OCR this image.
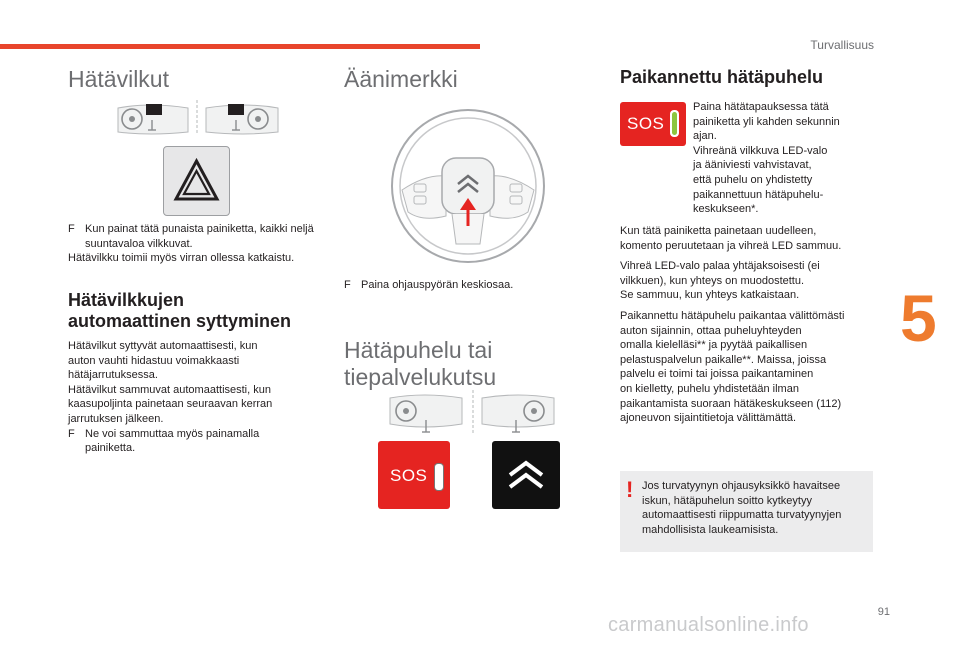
Turvallisuus
5
Hätävilkut
F Kun painat tätä punaista painiketta, kaikki neljä suuntavaloa vilkkuvat.
Hätävilkku toimii myös virran ollessa katkaistu.
Hätävilkkujen
automaattinen syttyminen
Hätävilkut syttyvät automaattisesti, kun
auton vauhti hidastuu voimakkaasti
hätäjarrutuksessa.
Hätävilkut sammuvat automaattisesti, kun
kaasupoljinta painetaan seuraavan kerran
jarrutuksen jälkeen.
F Ne voi sammuttaa myös painamalla
painiketta.
Äänimerkki
F Paina ohjauspyörän keskiosaa.
Hätäpuhelu tai
tiepalvelukutsu
SOS
Paikannettu hätäpuhelu
SOS
Paina hätätapauksessa tätä
painiketta yli kahden sekunnin
ajan.
Vihreänä vilkkuva LED-valo
ja ääniviesti vahvistavat,
että puhelu on yhdistetty
paikannettuun hätäpuhelu-
keskukseen*.
Kun tätä painiketta painetaan uudelleen,
komento peruutetaan ja vihreä LED sammuu.
Vihreä LED-valo palaa yhtäjaksoisesti (ei
vilkkuen), kun yhteys on muodostettu.
Se sammuu, kun yhteys katkaistaan.
Paikannettu hätäpuhelu paikantaa välittömästi
auton sijainnin, ottaa puheluyhteyden
omalla kielelläsi** ja pyytää paikallisen
pelastuspalvelun paikalle**. Maissa, joissa
palvelu ei toimi tai joissa paikantaminen
on kielletty, puhelu yhdistetään ilman
paikantamista suoraan hätäkeskukseen (112)
ajoneuvon sijaintitietoja välittämättä.
! Jos turvatyynyn ohjausyksikkö havaitsee
iskun, hätäpuhelun soitto kytkeytyy
automaattisesti riippumatta turvatyynyjen
mahdollisista laukeamisista.
91
carmanualsonline.info
